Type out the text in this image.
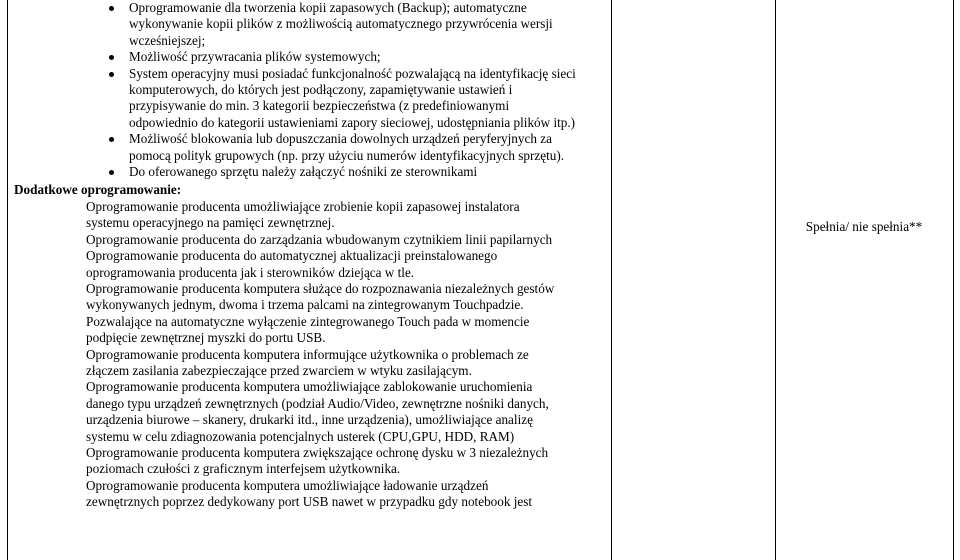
Oprogramowanie dla tworzenia kopii zapasowych (Backup); automatyczne wykonywanie kopii plików z możliwością automatycznego przywrócenia wersji wcześniejszej;
Możliwość przywracania plików systemowych;
System operacyjny musi posiadać funkcjonalność pozwalającą na identyfikację sieci komputerowych, do których jest podłączony, zapamiętywanie ustawień i przypisywanie do min. 3 kategorii bezpieczeństwa (z predefiniowanymi odpowiednio do kategorii ustawieniami zapory sieciowej, udostępniania plików itp.)
Możliwość blokowania lub dopuszczania dowolnych urządzeń peryferyjnych za pomocą polityk grupowych (np. przy użyciu numerów identyfikacyjnych sprzętu).
Do oferowanego sprzętu należy załączyć nośniki ze sterownikami
Dodatkowe oprogramowanie:

Oprogramowanie producenta umożliwiające zrobienie kopii zapasowej instalatora systemu operacyjnego na pamięci zewnętrznej.

Oprogramowanie producenta do zarządzania wbudowanym czytnikiem linii papilarnych

Oprogramowanie producenta do automatycznej aktualizacji preinstalowanego oprogramowania producenta jak i sterowników dziejąca w tle.

Oprogramowanie producenta komputera służące do rozpoznawania niezależnych gestów wykonywanych jednym, dwoma i trzema palcami na zintegrowanym Touchpadzie. Pozwalające na automatyczne wyłączenie zintegrowanego Touch pada w momencie podpięcie zewnętrznej myszki do portu USB.

Oprogramowanie producenta komputera informujące użytkownika o problemach ze złączem zasilania zabezpieczające przed zwarciem w wtyku zasilającym.

Oprogramowanie producenta komputera umożliwiające zablokowanie uruchomienia danego typu urządzeń zewnętrznych (podział Audio/Video, zewnętrzne nośniki danych, urządzenia biurowe – skanery, drukarki itd., inne urządzenia), umożliwiające analizę systemu w celu zdiagnozowania potencjalnych usterek (CPU,GPU, HDD, RAM)

Oprogramowanie producenta komputera zwiększające ochronę dysku w 3 niezależnych poziomach czułości z graficznym interfejsem użytkownika.

Oprogramowanie producenta komputera umożliwiające ładowanie urządzeń zewnętrznych poprzez dedykowany port USB nawet w przypadku gdy notebook jest

Spełnia/ nie spełnia**
